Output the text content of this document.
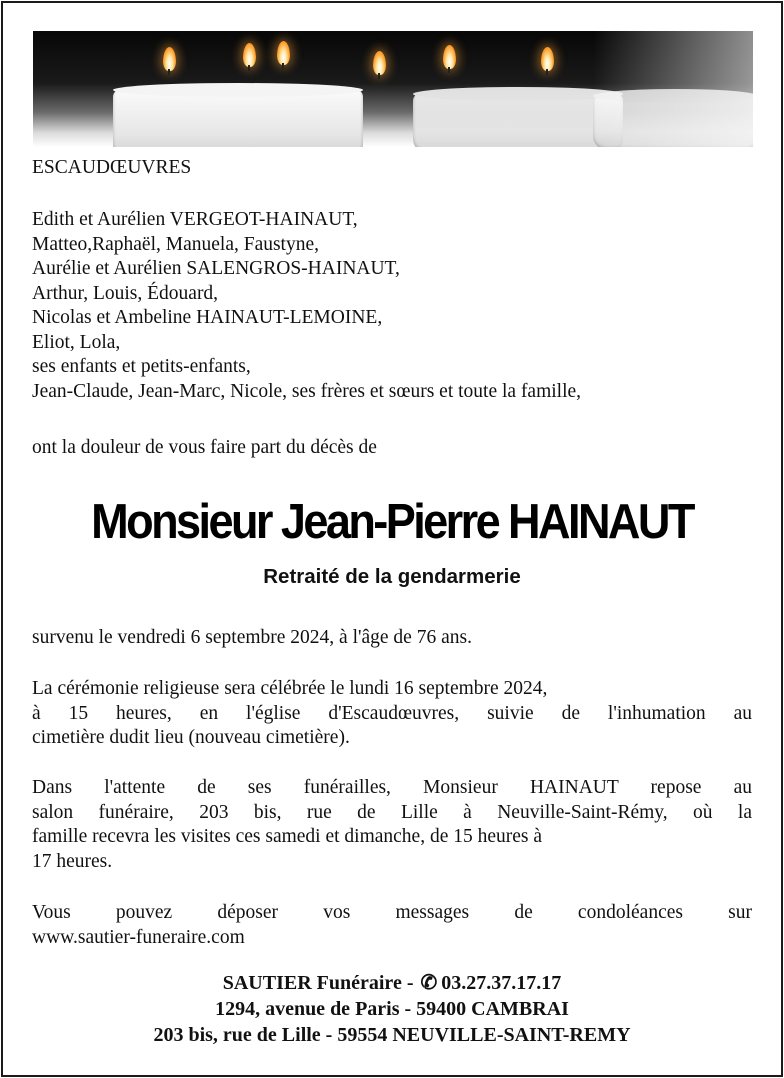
ESCAUDŒUVRES

Edith et Aurélien VERGEOT-HAINAUT,
Matteo,Raphaël, Manuela, Faustyne,
Aurélie et Aurélien SALENGROS-HAINAUT,
Arthur, Louis, Édouard,
Nicolas et Ambeline HAINAUT-LEMOINE,
Eliot, Lola,
ses enfants et petits-enfants,
Jean-Claude, Jean-Marc, Nicole, ses frères et sœurs et toute la famille,

ont la douleur de vous faire part du décès de

Monsieur Jean-Pierre HAINAUT

Retraité de la gendarmerie

survenu le vendredi 6 septembre 2024, à l'âge de 76 ans.

La cérémonie religieuse sera célébrée le lundi 16 septembre 2024,
à 15 heures, en l'église d'Escaudœuvres, suivie de l'inhumation au
cimetière dudit lieu (nouveau cimetière).
Dans l'attente de ses funérailles, Monsieur HAINAUT repose au
salon funéraire, 203 bis, rue de Lille à Neuville-Saint-Rémy, où la
famille recevra les visites ces samedi et dimanche, de 15 heures à
17 heures.
Vous pouvez déposer vos messages de condoléances sur
www.sautier-funeraire.com
SAUTIER Funéraire - ✆ 03.27.37.17.17
1294, avenue de Paris - 59400 CAMBRAI
203 bis, rue de Lille - 59554 NEUVILLE-SAINT-REMY
